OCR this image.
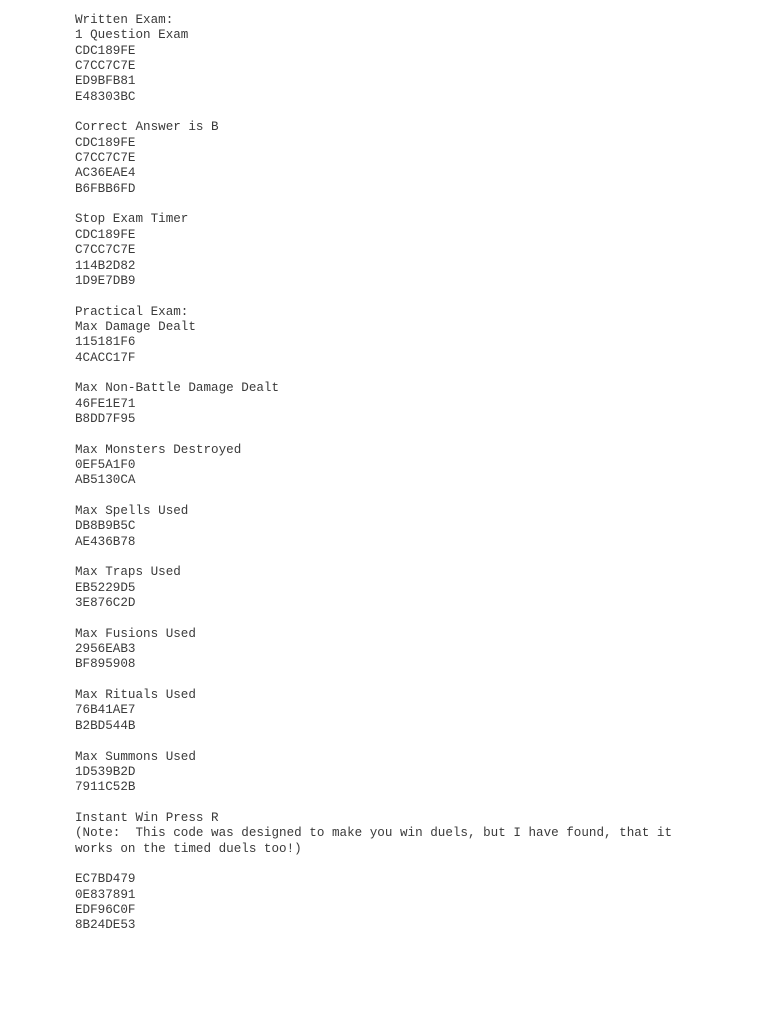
Written Exam:
1 Question Exam
CDC189FE
C7CC7C7E
ED9BFB81
E48303BC
Correct Answer is B
CDC189FE
C7CC7C7E
AC36EAE4
B6FBB6FD
Stop Exam Timer
CDC189FE
C7CC7C7E
114B2D82
1D9E7DB9
Practical Exam:
Max Damage Dealt
115181F6
4CACC17F
Max Non-Battle Damage Dealt
46FE1E71
B8DD7F95
Max Monsters Destroyed
0EF5A1F0
AB5130CA
Max Spells Used
DB8B9B5C
AE436B78
Max Traps Used
EB5229D5
3E876C2D
Max Fusions Used
2956EAB3
BF895908
Max Rituals Used
76B41AE7
B2BD544B
Max Summons Used
1D539B2D
7911C52B
Instant Win Press R
(Note:  This code was designed to make you win duels, but I have found, that it
works on the timed duels too!)
EC7BD479
0E837891
EDF96C0F
8B24DE53
